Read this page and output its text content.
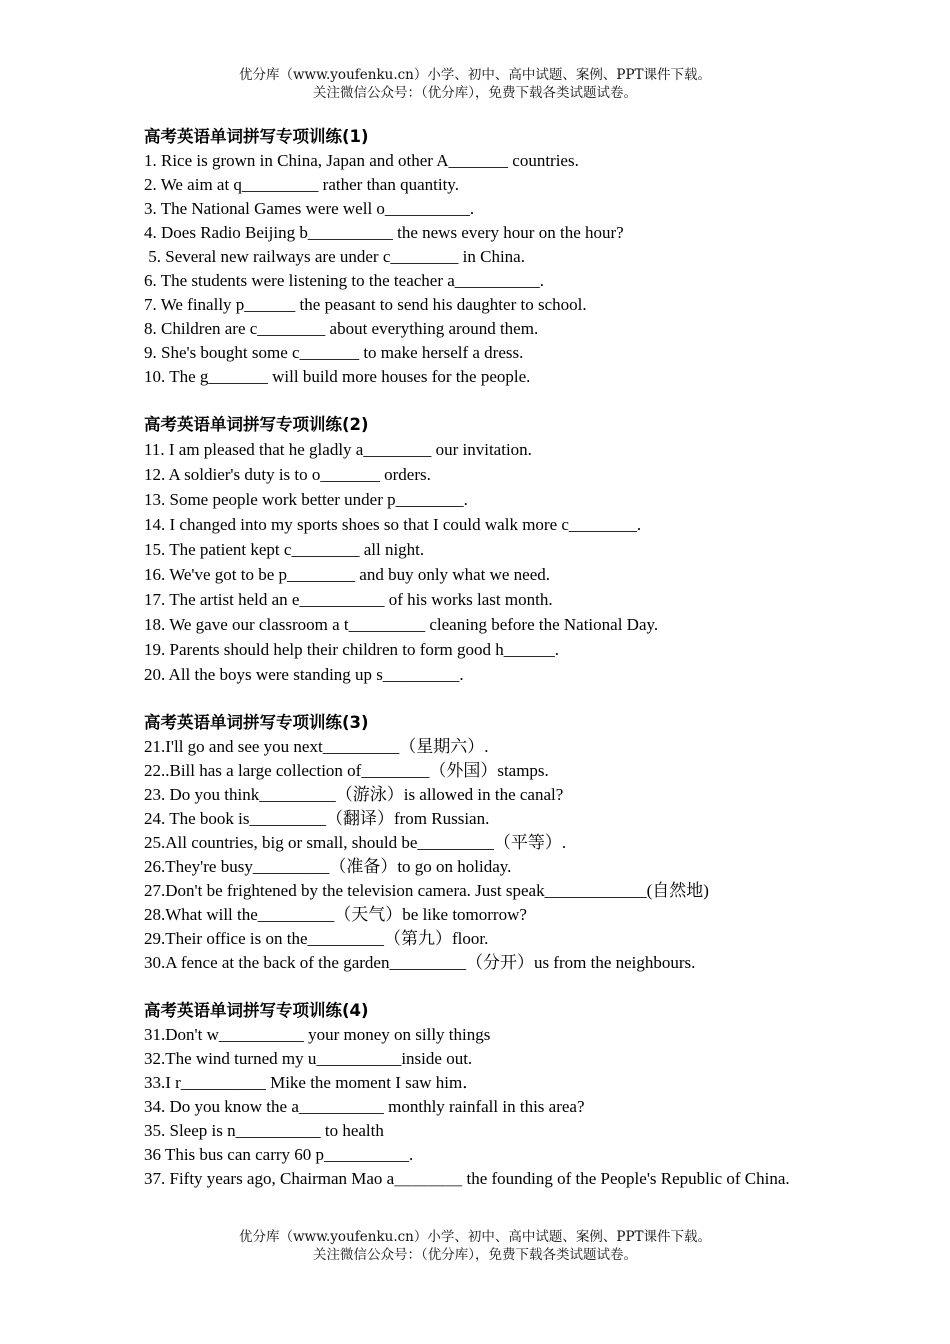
优分库（www.youfenku.cn）小学、初中、高中试题、案例、PPT课件下载。
关注微信公众号：（优分库），免费下载各类试题试卷。
高考英语单词拼写专项训练(1)
1. Rice is grown in China, Japan and other A_______ countries.
2. We aim at q_________ rather than quantity.
3. The National Games were well o__________.
4. Does Radio Beijing b__________ the news every hour on the hour?
5. Several new railways are under c________ in China.
6. The students were listening to the teacher a__________.
7. We finally p______ the peasant to send his daughter to school.
8. Children are c________ about everything around them.
9. She's bought some c_______ to make herself a dress.
10. The g_______ will build more houses for the people.
高考英语单词拼写专项训练(2)
11. I am pleased that he gladly a________ our invitation.
12. A soldier's duty is to o_______ orders.
13. Some people work better under p________.
14. I changed into my sports shoes so that I could walk more c________.
15. The patient kept c________ all night.
16. We've got to be p________ and buy only what we need.
17. The artist held an e__________ of his works last month.
18. We gave our classroom a t_________ cleaning before the National Day.
19. Parents should help their children to form good h______.
20. All the boys were standing up s_________.
高考英语单词拼写专项训练(3)
21.I'll go and see you next_________（星期六）.
22..Bill has a large collection of________（外国）stamps.
23. Do you think_________（游泳）is allowed in the canal?
24. The book is_________（翻译）from Russian.
25.All countries, big or small, should be_________（平等）.
26.They're busy_________（准备）to go on holiday.
27.Don't be frightened by the television camera. Just speak____________(自然地)
28.What will the_________（天气）be like tomorrow?
29.Their office is on the_________（第九）floor.
30.A fence at the back of the garden_________（分开）us from the neighbours.
高考英语单词拼写专项训练(4)
31.Don't w__________ your money on silly things
32.The wind turned my u__________inside out.
33.I r__________ Mike the moment I saw him．
34. Do you know the a__________ monthly rainfall in this area?
35. Sleep is n__________ to health
36 This bus can carry 60 p__________.
37. Fifty years ago, Chairman Mao a＿＿＿＿ the founding of the People's Republic of China.
优分库（www.youfenku.cn）小学、初中、高中试题、案例、PPT课件下载。
关注微信公众号：（优分库），免费下载各类试题试卷。
